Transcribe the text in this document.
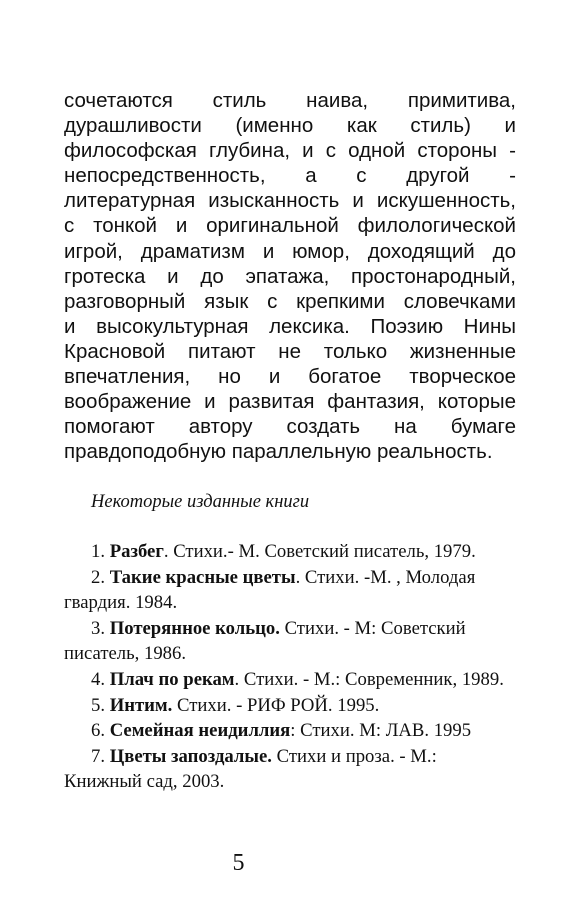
сочетаются стиль наива, примитива,
дурашливости (именно как стиль) и
философская глубина, и с одной стороны -
непосредственность, а с другой -
литературная изысканность и искушенность,
с тонкой и оригинальной филологической
игрой, драматизм и юмор, доходящий до
гротеска и до эпатажа, простонародный,
разговорный язык с крепкими словечками
и высокультурная лексика. Поэзию Нины
Красновой питают не только жизненные
впечатления, но и богатое творческое
воображение и развитая фантазия, которые
помогают автору создать на бумаге
правдоподобную параллельную реальность.

Некоторые изданные книги
1. Разбег. Стихи.- М. Советский писатель, 1979.
2. Такие красные цветы. Стихи. -М. , Молодая гвардия. 1984.
3. Потерянное кольцо. Стихи. - М: Советский писатель, 1986.
4. Плач по рекам. Стихи. - М.: Современник, 1989.
5. Интим. Стихи. - РИФ РОЙ. 1995.
6. Семейная неидиллия: Стихи. М: ЛАВ. 1995
7. Цветы запоздалые. Стихи и проза. - М.: Книжный сад, 2003.
5
